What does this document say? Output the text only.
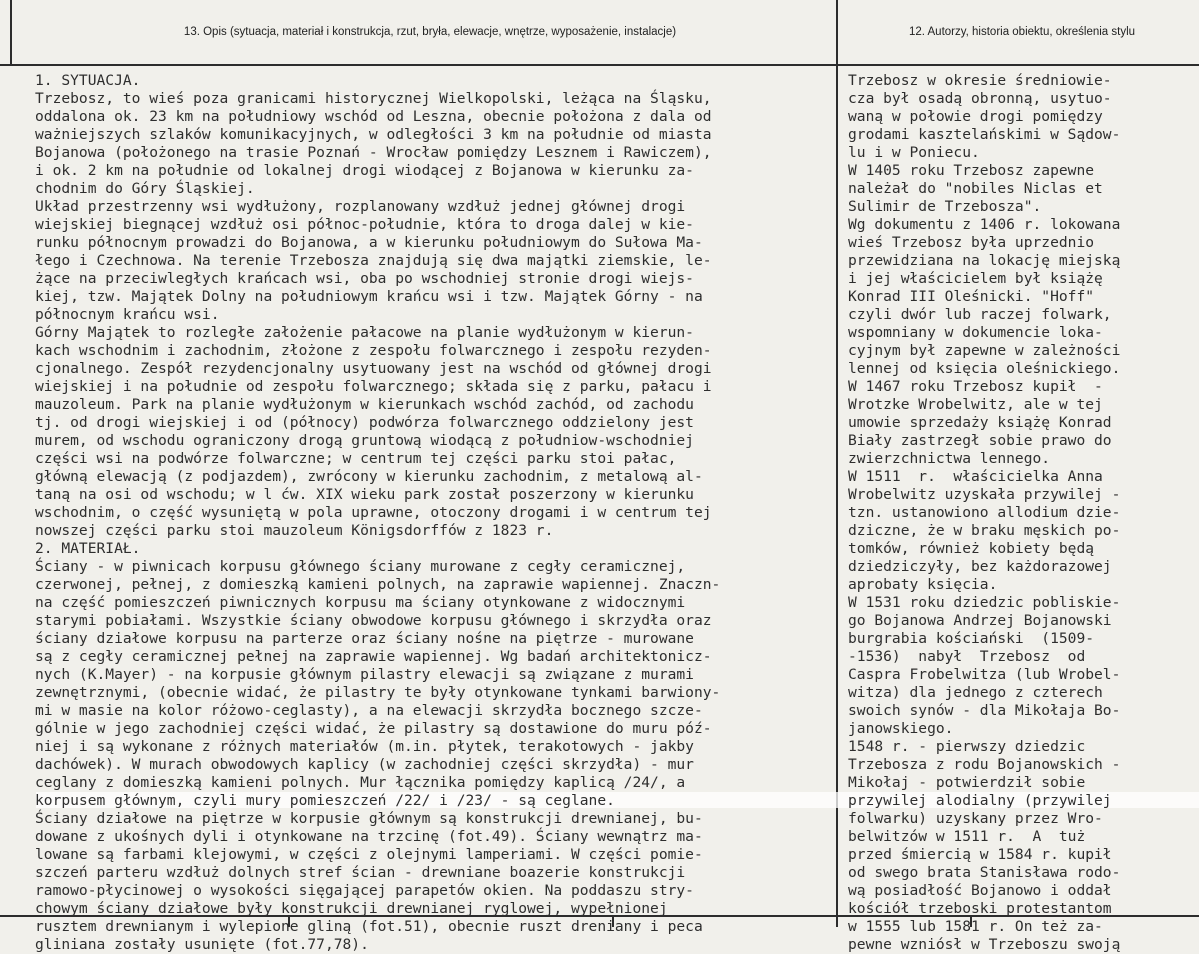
13. Opis (sytuacja, materiał i konstrukcja, rzut, bryła, elewacje, wnętrze, wyposażenie, instalacje)	12. Autorzy, historia obiektu, określenia stylu
1. SYTUACJA.
Trzebosz, to wieś poza granicami historycznej Wielkopolski, leżąca na Śląsku,
oddalona ok. 23 km na południowy wschód od Leszna, obecnie położona z dala od
ważniejszych szlaków komunikacyjnych, w odległości 3 km na południe od miasta
Bojanowa (położonego na trasie Poznań - Wrocław pomiędzy Lesznem i Rawiczem),
i ok. 2 km na południe od lokalnej drogi wiodącej z Bojanowa w kierunku za-
chodnim do Góry Śląskiej.
Układ przestrzenny wsi wydłużony, rozplanowany wzdłuż jednej głównej drogi
wiejskiej biegnącej wzdłuż osi północ-południe, która to droga dalej w kie-
runku północnym prowadzi do Bojanowa, a w kierunku południowym do Sułowa Ma-
łego i Czechnowa. Na terenie Trzebosza znajdują się dwa majątki ziemskie, le-
żące na przeciwległych krańcach wsi, oba po wschodniej stronie drogi wiejs-
kiej, tzw. Majątek Dolny na południowym krańcu wsi i tzw. Majątek Górny - na
północnym krańcu wsi.
Górny Majątek to rozległe założenie pałacowe na planie wydłużonym w kierun-
kach wschodnim i zachodnim, złożone z zespołu folwarcznego i zespołu rezyden-
cjonalnego. Zespół rezydencjonalny usytuowany jest na wschód od głównej drogi
wiejskiej i na południe od zespołu folwarcznego; składa się z parku, pałacu i
mauzoleum. Park na planie wydłużonym w kierunkach wschód zachód, od zachodu
tj. od drogi wiejskiej i od (północy) podwórza folwarcznego oddzielony jest
murem, od wschodu ograniczony drogą gruntową wiodącą z południow-wschodniej
części wsi na podwórze folwarczne; w centrum tej części parku stoi pałac,
główną elewacją (z podjazdem), zwrócony w kierunku zachodnim, z metalową al-
taną na osi od wschodu; w l ćw. XIX wieku park został poszerzony w kierunku
wschodnim, o część wysuniętą w pola uprawne, otoczony drogami i w centrum tej
nowszej części parku stoi mauzoleum Königsdorffów z 1823 r.
2. MATERIAŁ.
Ściany - w piwnicach korpusu głównego ściany murowane z cegły ceramicznej,
czerwonej, pełnej, z domieszką kamieni polnych, na zaprawie wapiennej. Znaczn-
na część pomieszczeń piwnicznych korpusu ma ściany otynkowane z widocznymi
starymi pobiałami. Wszystkie ściany obwodowe korpusu głównego i skrzydła oraz
ściany działowe korpusu na parterze oraz ściany nośne na piętrze - murowane
są z cegły ceramicznej pełnej na zaprawie wapiennej. Wg badań architektonicz-
nych (K.Mayer) - na korpusie głównym pilastry elewacji są związane z murami
zewnętrznymi, (obecnie widać, że pilastry te były otynkowane tynkami barwiony-
mi w masie na kolor różowo-ceglasty), a na elewacji skrzydła bocznego szcze-
gólnie w jego zachodniej części widać, że pilastry są dostawione do muru póź-
niej i są wykonane z różnych materiałów (m.in. płytek, terakotowych - jakby
dachówek). W murach obwodowych kaplicy (w zachodniej części skrzydła) - mur
ceglany z domieszką kamieni polnych. Mur łącznika pomiędzy kaplicą /24/, a
korpusem głównym, czyli mury pomieszczeń /22/ i /23/ - są ceglane.
Ściany działowe na piętrze w korpusie głównym są konstrukcji drewnianej, bu-
dowane z ukośnych dyli i otynkowane na trzcinę (fot.49). Ściany wewnątrz ma-
lowane są farbami klejowymi, w części z olejnymi lamperiami. W części pomie-
szczeń parteru wzdłuż dolnych stref ścian - drewniane boazerie konstrukcji
ramowo-płycinowej o wysokości sięgającej parapetów okien. Na poddaszu stry-
chowym ściany działowe były konstrukcji drewnianej ryglowej, wypełnionej
rusztem drewnianym i wylepione gliną (fot.51), obecnie ruszt dreniany i peca
gliniana zostały usunięte (fot.77,78).
Trzebosz w okresie średniowie-
cza był osadą obronną, usytuo-
waną w połowie drogi pomiędzy
grodami kasztelańskimi w Sądow-
lu i w Poniecu.
W 1405 roku Trzebosz zapewne
należał do "nobiles Niclas et
Sulimir de Trzebosza".
Wg dokumentu z 1406 r. lokowana
wieś Trzebosz była uprzednio
przewidziana na lokację miejską
i jej właścicielem był książę
Konrad III Oleśnicki. "Hoff"
czyli dwór lub raczej folwark,
wspomniany w dokumencie loka-
cyjnym był zapewne w zależności
lennej od księcia oleśnickiego.
W 1467 roku Trzebosz kupił  -
Wrotzke Wrobelwitz, ale w tej
umowie sprzedaży książę Konrad
Biały zastrzegł sobie prawo do
zwierzchnictwa lennego.
W 1511  r.  właścicielka Anna
Wrobelwitz uzyskała przywilej -
tzn. ustanowiono allodium dzie-
dziczne, że w braku męskich po-
tomków, również kobiety będą
dziedziczyły, bez każdorazowej
aprobaty księcia.
W 1531 roku dziedzic pobliskie-
go Bojanowa Andrzej Bojanowski
burgrabia kościański  (1509-
-1536)  nabył  Trzebosz  od
Caspra Frobelwitza (lub Wrobel-
witza) dla jednego z czterech
swoich synów - dla Mikołaja Bo-
janowskiego.
1548 r. - pierwszy dziedzic
Trzebosza z rodu Bojanowskich -
Mikołaj - potwierdził sobie
przywilej alodialny (przywilej
folwarku) uzyskany przez Wro-
belwitzów w 1511 r.  A  tuż
przed śmiercią w 1584 r. kupił
od swego brata Stanisława rodo-
wą posiadłość Bojanowo i oddał
kościół trzeboski protestantom
w 1555 lub 1581 r. On też za-
pewne wzniósł w Trzeboszu swoją
